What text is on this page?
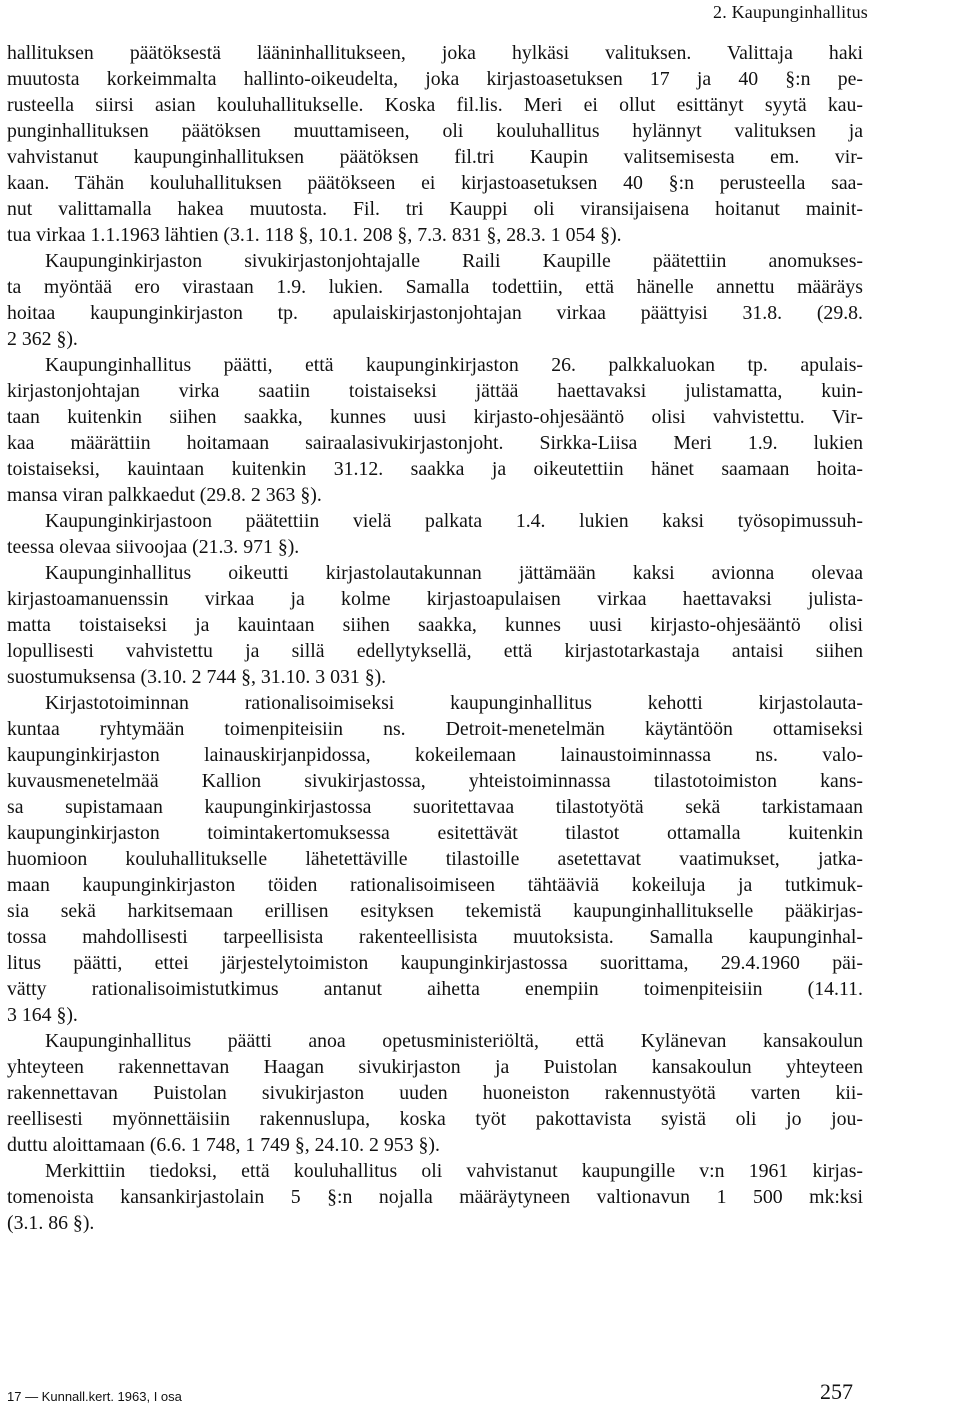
2. Kaupunginhallitus
hallituksen päätöksestä lääninhallitukseen, joka hylkäsi valituksen. Valittaja haki
muutosta korkeimmalta hallinto-oikeudelta, joka kirjastoasetuksen 17 ja 40 §:n pe-
rusteella siirsi asian kouluhallitukselle. Koska fil.lis. Meri ei ollut esittänyt syytä kau-
punginhallituksen päätöksen muuttamiseen, oli kouluhallitus hylännyt valituksen ja
vahvistanut kaupunginhallituksen päätöksen fil.tri Kaupin valitsemisesta em. vir-
kaan. Tähän kouluhallituksen päätökseen ei kirjastoasetuksen 40 §:n perusteella saa-
nut valittamalla hakea muutosta. Fil. tri Kauppi oli viransijaisena hoitanut mainit-
tua virkaa 1.1.1963 lähtien (3.1. 118 §, 10.1. 208 §, 7.3. 831 §, 28.3. 1 054 §).
Kaupunginkirjaston sivukirjastonjohtajalle Raili Kaupille päätettiin anomukses-
ta myöntää ero virastaan 1.9. lukien. Samalla todettiin, että hänelle annettu määräys
hoitaa kaupunginkirjaston tp. apulaiskirjastonjohtajan virkaa päättyisi 31.8. (29.8.
2 362 §).
Kaupunginhallitus päätti, että kaupunginkirjaston 26. palkkaluokan tp. apulais-
kirjastonjohtajan virka saatiin toistaiseksi jättää haettavaksi julistamatta, kuin-
taan kuitenkin siihen saakka, kunnes uusi kirjasto-ohjesääntö olisi vahvistettu. Vir-
kaa määrättiin hoitamaan sairaalasivukirjastonjoht. Sirkka-Liisa Meri 1.9. lukien
toistaiseksi, kauintaan kuitenkin 31.12. saakka ja oikeutettiin hänet saamaan hoita-
mansa viran palkkaedut (29.8. 2 363 §).
Kaupunginkirjastoon päätettiin vielä palkata 1.4. lukien kaksi työsopimussuh-
teessa olevaa siivoojaa (21.3. 971 §).
Kaupunginhallitus oikeutti kirjastolautakunnan jättämään kaksi avionna olevaa
kirjastoamanuenssin virkaa ja kolme kirjastoapulaisen virkaa haettavaksi julista-
matta toistaiseksi ja kauintaan siihen saakka, kunnes uusi kirjasto-ohjesääntö olisi
lopullisesti vahvistettu ja sillä edellytyksellä, että kirjastotarkastaja antaisi siihen
suostumuksensa (3.10. 2 744 §, 31.10. 3 031 §).
Kirjastotoiminnan rationalisoimiseksi kaupunginhallitus kehotti kirjastolauta-
kuntaa ryhtymään toimenpiteisiin ns. Detroit-menetelmän käytäntöön ottamiseksi
kaupunginkirjaston lainauskirjanpidossa, kokeilemaan lainaustoiminnassa ns. valo-
kuvausmenetelmää Kallion sivukirjastossa, yhteistoiminnassa tilastotoimiston kans-
sa supistamaan kaupunginkirjastossa suoritettavaa tilastotyötä sekä tarkistamaan
kaupunginkirjaston toimintakertomuksessa esitettävät tilastot ottamalla kuitenkin
huomioon kouluhallitukselle lähetettäville tilastoille asetettavat vaatimukset, jatka-
maan kaupunginkirjaston töiden rationalisoimiseen tähtääviä kokeiluja ja tutkimuk-
sia sekä harkitsemaan erillisen esityksen tekemistä kaupunginhallitukselle pääkirjas-
tossa mahdollisesti tarpeellisista rakenteellisista muutoksista. Samalla kaupunginhal-
litus päätti, ettei järjestelytoimiston kaupunginkirjastossa suorittama, 29.4.1960 päi-
vätty rationalisoimistutkimus antanut aihetta enempiin toimenpiteisiin (14.11.
3 164 §).
Kaupunginhallitus päätti anoa opetusministeriöltä, että Kylänevan kansakoulun
yhteyteen rakennettavan Haagan sivukirjaston ja Puistolan kansakoulun yhteyteen
rakennettavan Puistolan sivukirjaston uuden huoneiston rakennustyötä varten kii-
reellisesti myönnettäisiin rakennuslupa, koska työt pakottavista syistä oli jo jou-
duttu aloittamaan (6.6. 1 748, 1 749 §, 24.10. 2 953 §).
Merkittiin tiedoksi, että kouluhallitus oli vahvistanut kaupungille v:n 1961 kirjas-
tomenoista kansankirjastolain 5 §:n nojalla määräytyneen valtionavun 1 500 mk:ksi
(3.1. 86 §).
17 — Kunnall.kert. 1963, I osa	257
